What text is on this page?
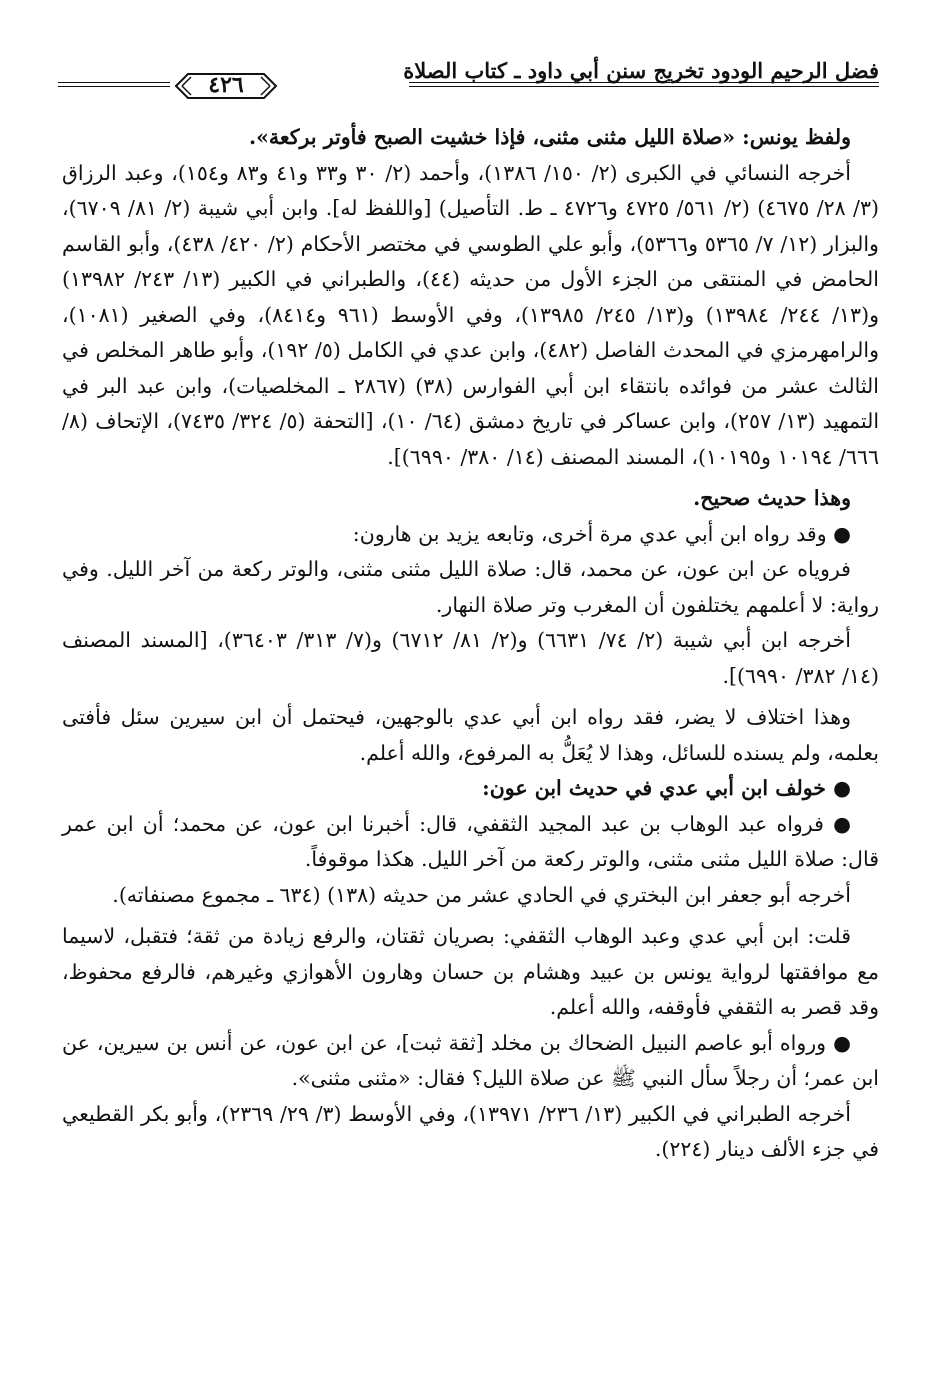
فضل الرحيم الودود تخريج سنن أبي داود ـ كتاب الصلاة
٤٢٦

ولفظ يونس: «صلاة الليل مثنى مثنى، فإذا خشيت الصبح فأوتر بركعة».

أخرجه النسائي في الكبرى (٢/ ١٥٠/ ١٣٨٦)، وأحمد (٢/ ٣٠ و٣٣ و٤١ و٨٣ و١٥٤)، وعبد الرزاق (٣/ ٢٨/ ٤٦٧٥) (٢/ ٥٦١/ ٤٧٢٥ و٤٧٢٦ ـ ط. التأصيل) [واللفظ له]. وابن أبي شيبة (٢/ ٨١/ ٦٧٠٩)، والبزار (١٢/ ٧/ ٥٣٦٥ و٥٣٦٦)، وأبو علي الطوسي في مختصر الأحكام (٢/ ٤٢٠/ ٤٣٨)، وأبو القاسم الحامض في المنتقى من الجزء الأول من حديثه (٤٤)، والطبراني في الكبير (١٣/ ٢٤٣/ ١٣٩٨٢) و(١٣/ ٢٤٤/ ١٣٩٨٤) و(١٣/ ٢٤٥/ ١٣٩٨٥)، وفي الأوسط (٩٦١ و٨٤١٤)، وفي الصغير (١٠٨١)، والرامهرمزي في المحدث الفاصل (٤٨٢)، وابن عدي في الكامل (٥/ ١٩٢)، وأبو طاهر المخلص في الثالث عشر من فوائده بانتقاء ابن أبي الفوارس (٣٨) (٢٨٦٧ ـ المخلصيات)، وابن عبد البر في التمهيد (١٣/ ٢٥٧)، وابن عساكر في تاريخ دمشق (٦٤/ ١٠)، [التحفة (٥/ ٣٢٤/ ٧٤٣٥)، الإتحاف (٨/ ٦٦٦/ ١٠١٩٤ و١٠١٩٥)، المسند المصنف (١٤/ ٣٨٠/ ٦٩٩٠)].

وهذا حديث صحيح.

● وقد رواه ابن أبي عدي مرة أخرى، وتابعه يزيد بن هارون:

فروياه عن ابن عون، عن محمد، قال: صلاة الليل مثنى مثنى، والوتر ركعة من آخر الليل. وفي رواية: لا أعلمهم يختلفون أن المغرب وتر صلاة النهار.

أخرجه ابن أبي شيبة (٢/ ٧٤/ ٦٦٣١) و(٢/ ٨١/ ٦٧١٢) و(٧/ ٣١٣/ ٣٦٤٠٣)، [المسند المصنف (١٤/ ٣٨٢/ ٦٩٩٠)].

وهذا اختلاف لا يضر، فقد رواه ابن أبي عدي بالوجهين، فيحتمل أن ابن سيرين سئل فأفتى بعلمه، ولم يسنده للسائل، وهذا لا يُعَلُّ به المرفوع، والله أعلم.

● خولف ابن أبي عدي في حديث ابن عون:

● فرواه عبد الوهاب بن عبد المجيد الثقفي، قال: أخبرنا ابن عون، عن محمد؛ أن ابن عمر قال: صلاة الليل مثنى مثنى، والوتر ركعة من آخر الليل. هكذا موقوفاً.

أخرجه أبو جعفر ابن البختري في الحادي عشر من حديثه (١٣٨) (٦٣٤ ـ مجموع مصنفاته).

قلت: ابن أبي عدي وعبد الوهاب الثقفي: بصريان ثقتان، والرفع زيادة من ثقة؛ فتقبل، لاسيما مع موافقتها لرواية يونس بن عبيد وهشام بن حسان وهارون الأهوازي وغيرهم، فالرفع محفوظ، وقد قصر به الثقفي فأوقفه، والله أعلم.

● ورواه أبو عاصم النبيل الضحاك بن مخلد [ثقة ثبت]، عن ابن عون، عن أنس بن سيرين، عن ابن عمر؛ أن رجلاً سأل النبي ﷺ عن صلاة الليل؟ فقال: «مثنى مثنى».

أخرجه الطبراني في الكبير (١٣/ ٢٣٦/ ١٣٩٧١)، وفي الأوسط (٣/ ٢٩/ ٢٣٦٩)، وأبو بكر القطيعي في جزء الألف دينار (٢٢٤).
